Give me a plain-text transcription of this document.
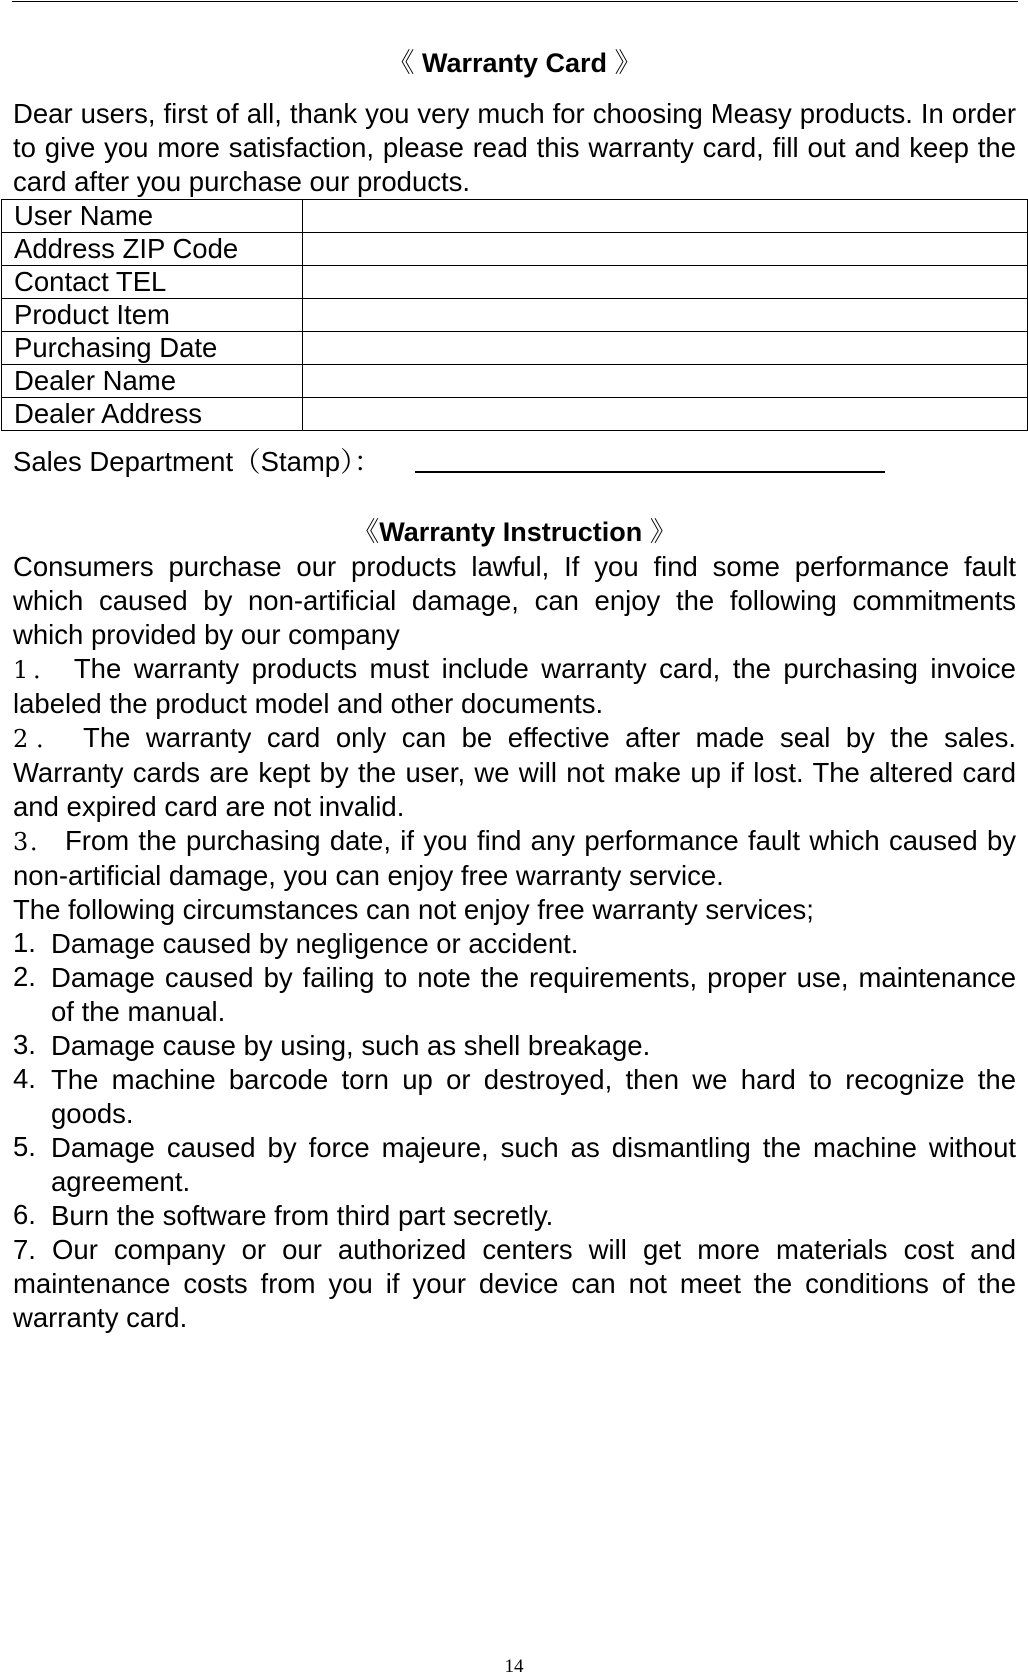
《 Warranty Card 》
Dear users, first of all, thank you very much for choosing Measy products. In order to give you more satisfaction, please read this warranty card, fill out and keep the card after you purchase our products.
User Name	
Address ZIP Code	
Contact TEL	
Product Item	
Purchasing Date	
Dealer Name	
Dealer Address	
Sales Department（Stamp）：
《Warranty Instruction 》

Consumers purchase our products lawful, If you find some performance fault which caused by non-artificial damage, can enjoy the following commitments which provided by our company

1． The warranty products must include warranty card, the purchasing invoice labeled the product model and other documents.

2． The warranty card only can be effective after made seal by the sales. Warranty cards are kept by the user, we will not make up if lost. The altered card and expired card are not invalid.

3． From the purchasing date, if you find any performance fault which caused by non-artificial damage, you can enjoy free warranty service.

The following circumstances can not enjoy free warranty services;

1. Damage caused by negligence or accident.
2. Damage caused by failing to note the requirements, proper use, maintenance of the manual.
3. Damage cause by using, such as shell breakage.
4. The machine barcode torn up or destroyed, then we hard to recognize the goods.
5. Damage caused by force majeure, such as dismantling the machine without agreement.
6. Burn the software from third part secretly.

7. Our company or our authorized centers will get more materials cost and maintenance costs from you if your device can not meet the conditions of the warranty card.

14
